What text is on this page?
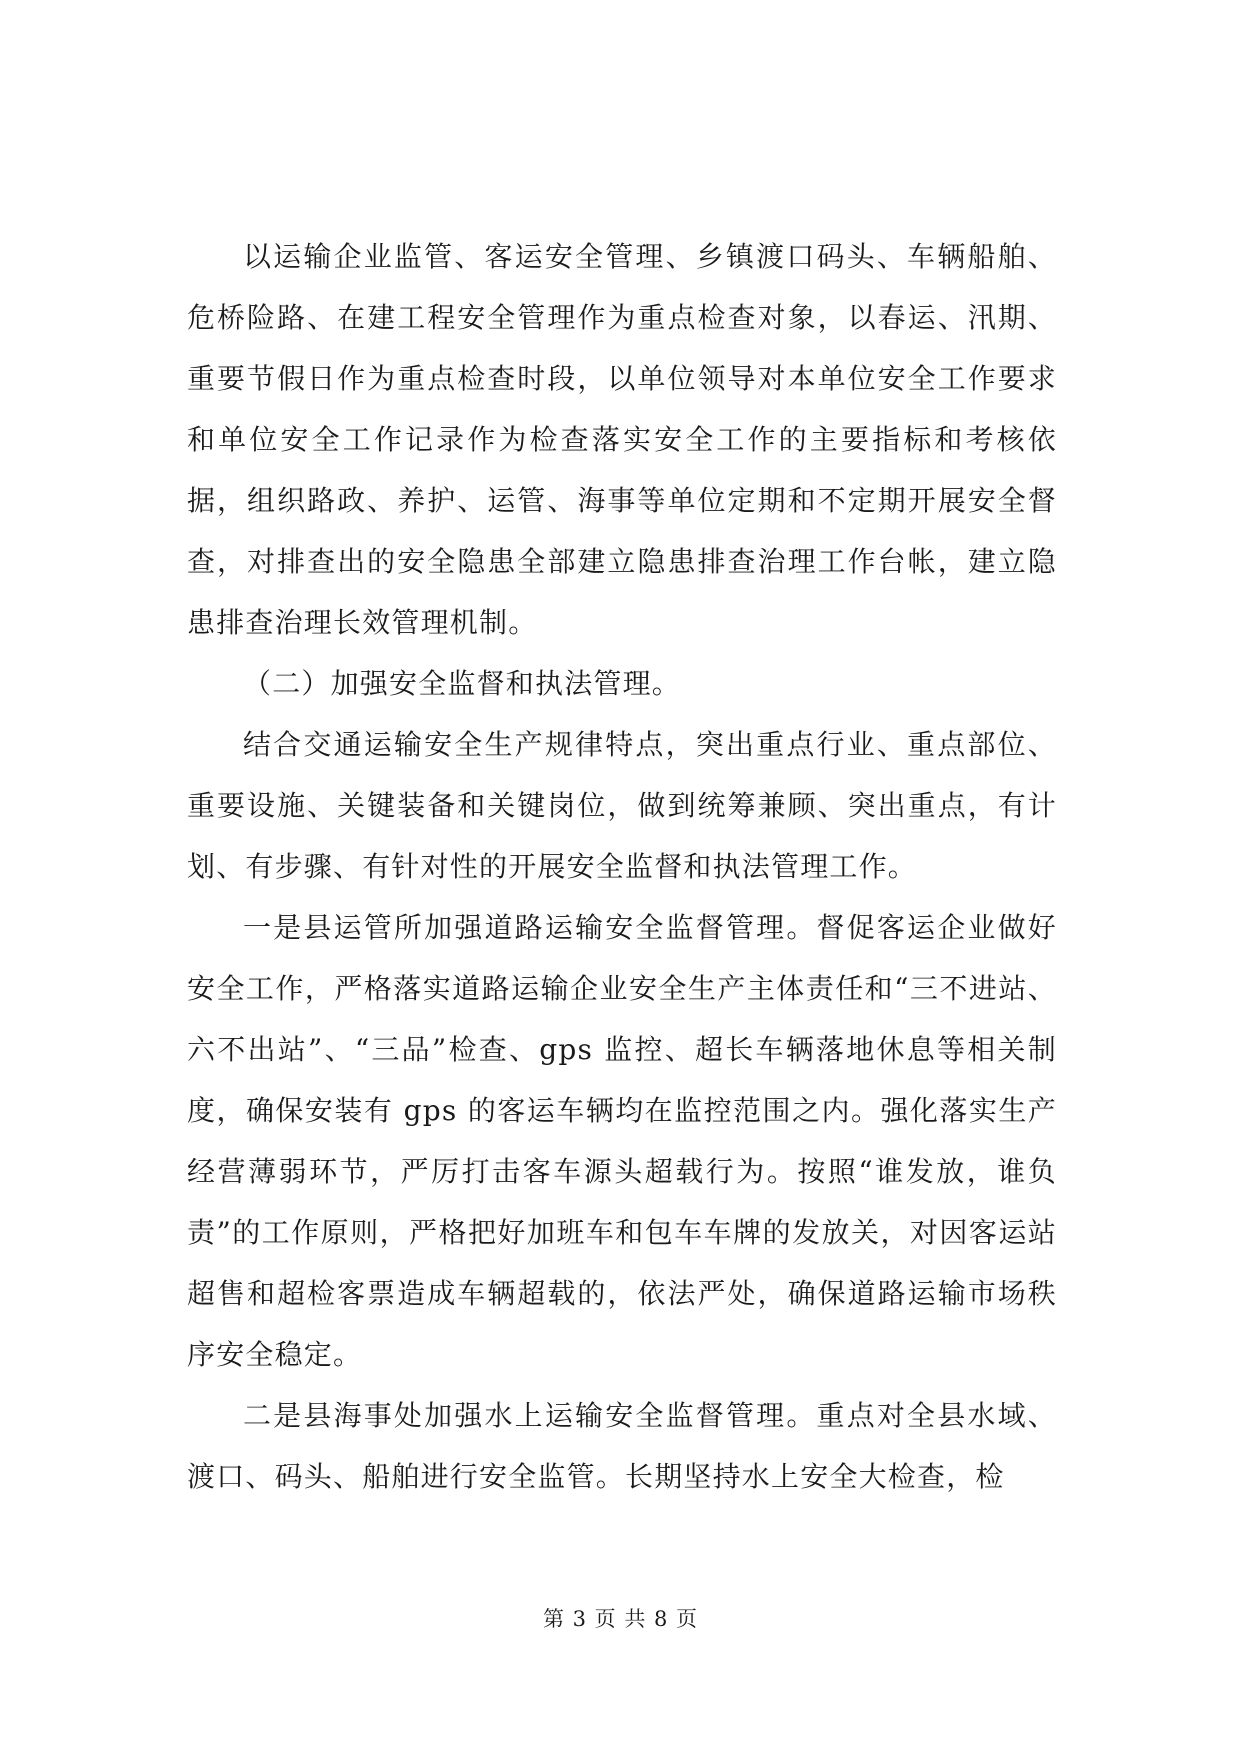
以运输企业监管、客运安全管理、乡镇渡口码头、车辆船舶、危桥险路、在建工程安全管理作为重点检查对象，以春运、汛期、重要节假日作为重点检查时段，以单位领导对本单位安全工作要求和单位安全工作记录作为检查落实安全工作的主要指标和考核依据，组织路政、养护、运管、海事等单位定期和不定期开展安全督查，对排查出的安全隐患全部建立隐患排查治理工作台帐，建立隐患排查治理长效管理机制。

（二）加强安全监督和执法管理。

结合交通运输安全生产规律特点，突出重点行业、重点部位、重要设施、关键装备和关键岗位，做到统筹兼顾、突出重点，有计划、有步骤、有针对性的开展安全监督和执法管理工作。

一是县运管所加强道路运输安全监督管理。督促客运企业做好安全工作，严格落实道路运输企业安全生产主体责任和“三不进站、六不出站”、“三品”检查、gps 监控、超长车辆落地休息等相关制度，确保安装有 gps 的客运车辆均在监控范围之内。强化落实生产经营薄弱环节，严厉打击客车源头超载行为。按照“谁发放，谁负责”的工作原则，严格把好加班车和包车车牌的发放关，对因客运站超售和超检客票造成车辆超载的，依法严处，确保道路运输市场秩序安全稳定。

二是县海事处加强水上运输安全监督管理。重点对全县水域、渡口、码头、船舶进行安全监管。长期坚持水上安全大检查，检

第 3 页 共 8 页
